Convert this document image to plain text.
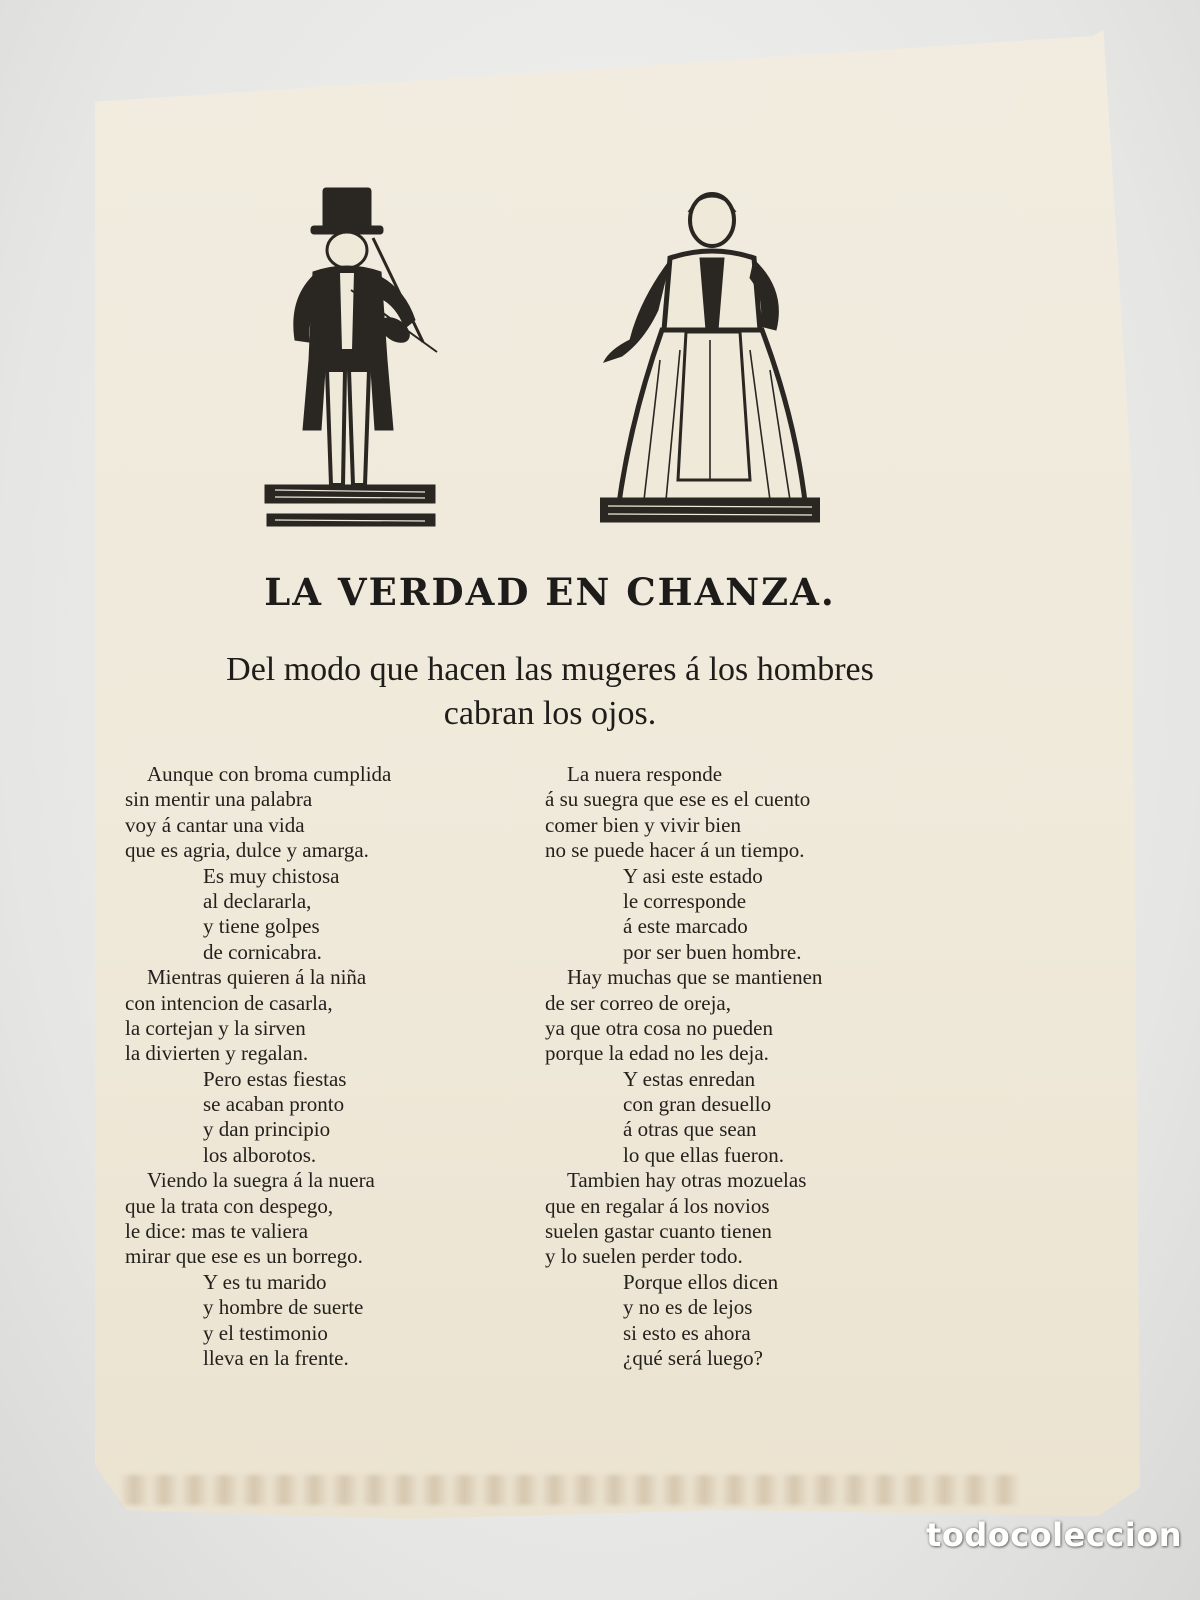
LA VERDAD EN CHANZA.
Del modo que hacen las mugeres á los hombres
cabran los ojos.
Aunque con broma cumplida
sin mentir una palabra
voy á cantar una vida
que es agria, dulce y amarga.
Es muy chistosa
al declararla,
y tiene golpes
de cornicabra.
Mientras quieren á la niña
con intencion de casarla,
la cortejan y la sirven
la divierten y regalan.
Pero estas fiestas
se acaban pronto
y dan principio
los alborotos.
Viendo la suegra á la nuera
que la trata con despego,
le dice: mas te valiera
mirar que ese es un borrego.
Y es tu marido
y hombre de suerte
y el testimonio
lleva en la frente.
La nuera responde
á su suegra que ese es el cuento
comer bien y vivir bien
no se puede hacer á un tiempo.
Y asi este estado
le corresponde
á este marcado
por ser buen hombre.
Hay muchas que se mantienen
de ser correo de oreja,
ya que otra cosa no pueden
porque la edad no les deja.
Y estas enredan
con gran desuello
á otras que sean
lo que ellas fueron.
Tambien hay otras mozuelas
que en regalar á los novios
suelen gastar cuanto tienen
y lo suelen perder todo.
Porque ellos dicen
y no es de lejos
si esto es ahora
¿qué será luego?
todocoleccion
